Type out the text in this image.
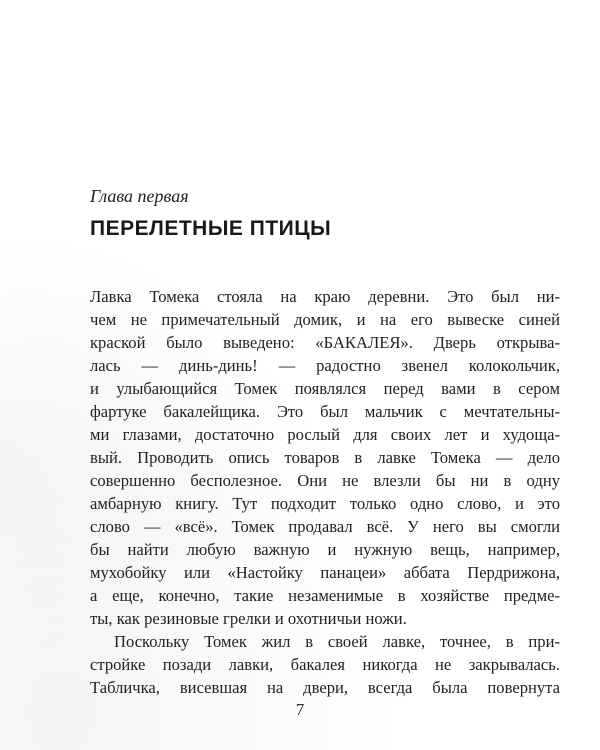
Глава первая

ПЕРЕЛЕТНЫЕ ПТИЦЫ
Лавка Томека стояла на краю деревни. Это был ни-
чем не примечательный домик, и на его вывеске синей
краской было выведено: «БАКАЛЕЯ». Дверь открыва-
лась — динь-динь! — радостно звенел колокольчик,
и улыбающийся Томек появлялся перед вами в сером
фартуке бакалейщика. Это был мальчик с мечтательны-
ми глазами, достаточно рослый для своих лет и худоща-
вый. Проводить опись товаров в лавке Томека — дело
совершенно бесполезное. Они не влезли бы ни в одну
амбарную книгу. Тут подходит только одно слово, и это
слово — «всё». Томек продавал всё. У него вы смогли
бы найти любую важную и нужную вещь, например,
мухобойку или «Настойку панацеи» аббата Пердрижона,
а еще, конечно, такие незаменимые в хозяйстве предме-
ты, как резиновые грелки и охотничьи ножи.
Поскольку Томек жил в своей лавке, точнее, в при-
стройке позади лавки, бакалея никогда не закрывалась.
Табличка, висевшая на двери, всегда была повернута
7
